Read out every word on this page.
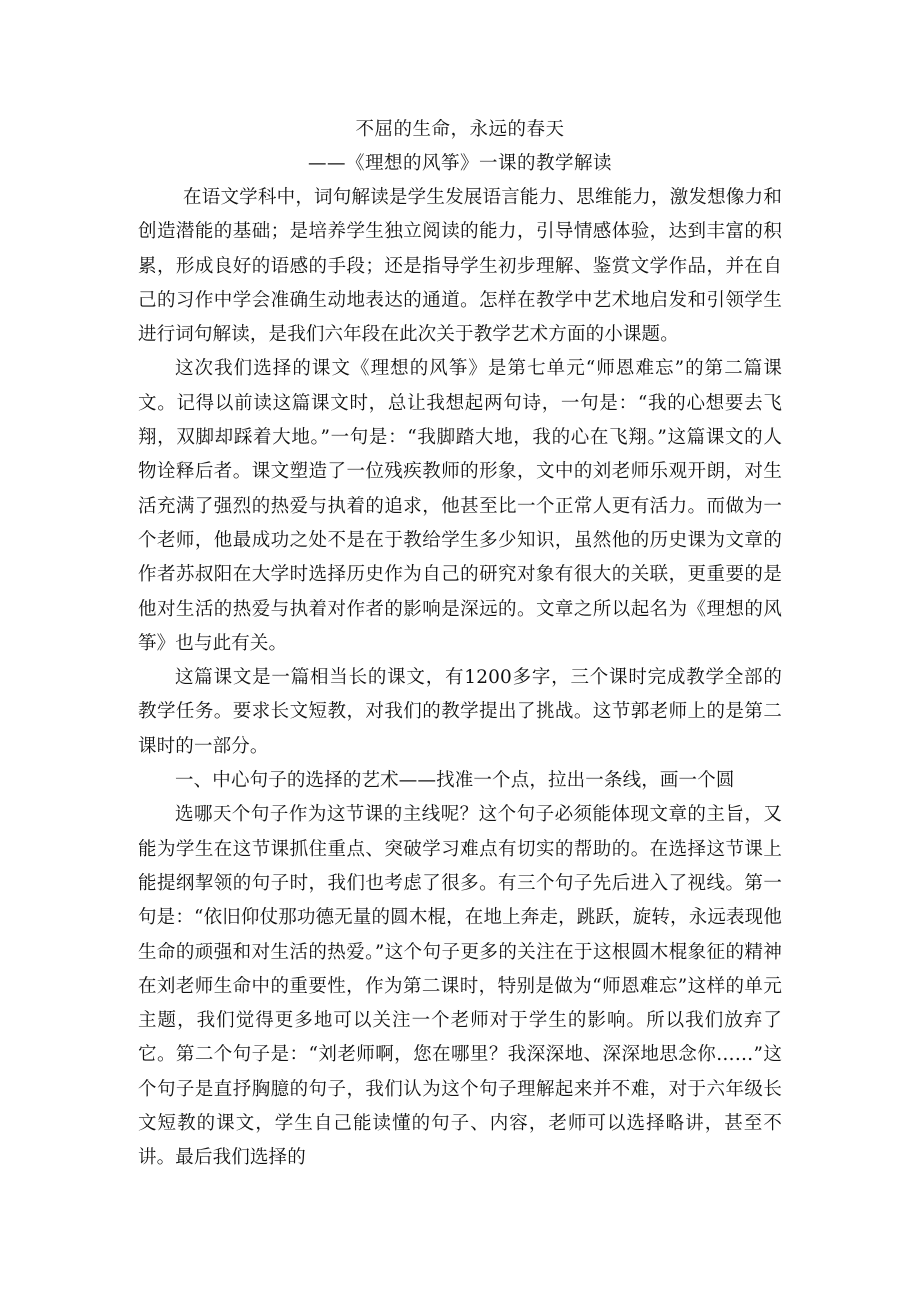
不屈的生命，永远的春天

——《理想的风筝》一课的教学解读

在语文学科中，词句解读是学生发展语言能力、思维能力，激发想像力和创造潜能的基础；是培养学生独立阅读的能力，引导情感体验，达到丰富的积累，形成良好的语感的手段；还是指导学生初步理解、鉴赏文学作品，并在自己的习作中学会准确生动地表达的通道。怎样在教学中艺术地启发和引领学生进行词句解读，是我们六年段在此次关于教学艺术方面的小课题。

这次我们选择的课文《理想的风筝》是第七单元“师恩难忘”的第二篇课文。记得以前读这篇课文时，总让我想起两句诗，一句是：“我的心想要去飞翔，双脚却踩着大地。”一句是：“我脚踏大地，我的心在飞翔。”这篇课文的人物诠释后者。课文塑造了一位残疾教师的形象，文中的刘老师乐观开朗，对生活充满了强烈的热爱与执着的追求，他甚至比一个正常人更有活力。而做为一个老师，他最成功之处不是在于教给学生多少知识，虽然他的历史课为文章的作者苏叔阳在大学时选择历史作为自己的研究对象有很大的关联，更重要的是他对生活的热爱与执着对作者的影响是深远的。文章之所以起名为《理想的风筝》也与此有关。

这篇课文是一篇相当长的课文，有1200多字，三个课时完成教学全部的教学任务。要求长文短教，对我们的教学提出了挑战。这节郭老师上的是第二课时的一部分。

一、中心句子的选择的艺术——找准一个点，拉出一条线，画一个圆

选哪天个句子作为这节课的主线呢？这个句子必须能体现文章的主旨，又能为学生在这节课抓住重点、突破学习难点有切实的帮助的。在选择这节课上能提纲挈领的句子时，我们也考虑了很多。有三个句子先后进入了视线。第一句是：“依旧仰仗那功德无量的圆木棍，在地上奔走，跳跃，旋转，永远表现他生命的顽强和对生活的热爱。”这个句子更多的关注在于这根圆木棍象征的精神在刘老师生命中的重要性，作为第二课时，特别是做为“师恩难忘”这样的单元主题，我们觉得更多地可以关注一个老师对于学生的影响。所以我们放弃了它。第二个句子是：“刘老师啊，您在哪里？我深深地、深深地思念你……”这个句子是直抒胸臆的句子，我们认为这个句子理解起来并不难，对于六年级长文短教的课文，学生自己能读懂的句子、内容，老师可以选择略讲，甚至不讲。最后我们选择的
